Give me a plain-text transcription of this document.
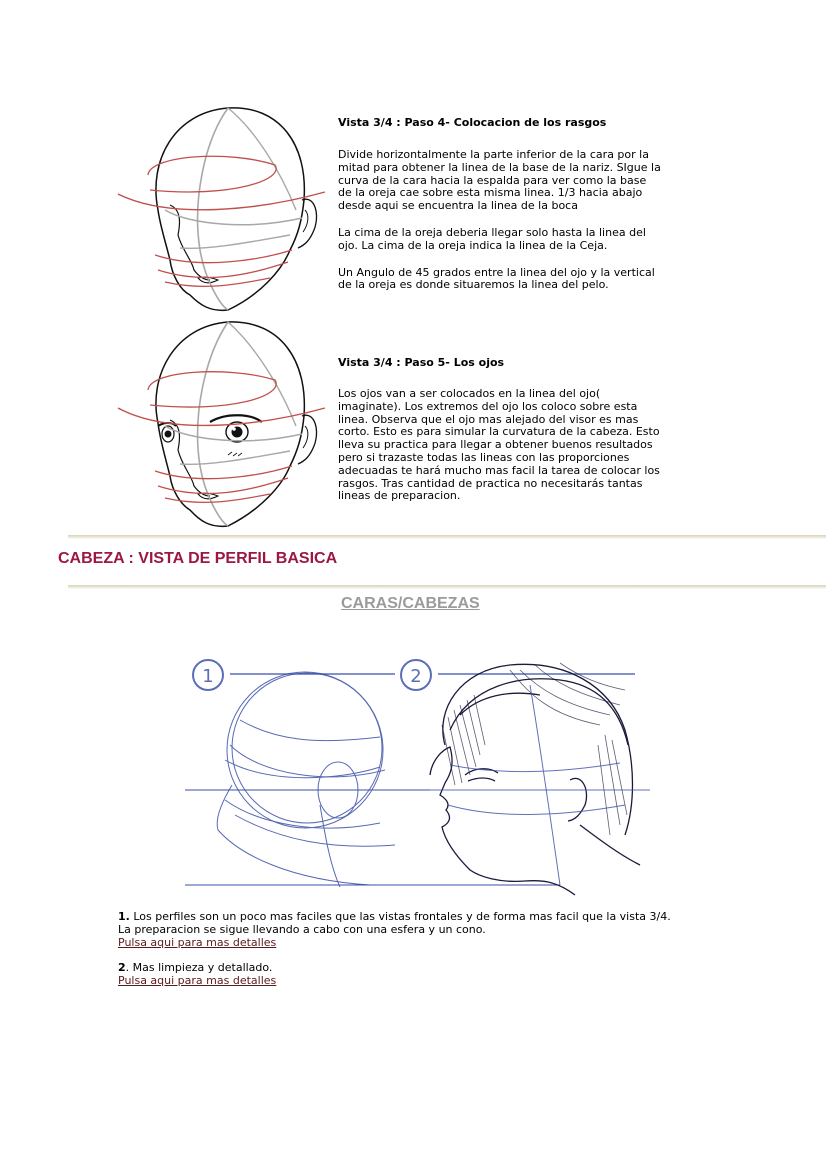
Vista 3/4 : Paso 4- Colocacion de los rasgos

Divide horizontalmente la parte inferior de la cara por la mitad para obtener la linea de la base de la nariz. SIgue la curva de la cara hacia la espalda para ver como la base de la oreja cae sobre esta misma linea. 1/3 hacia abajo desde aqui se encuentra la linea de la boca

La cima de la oreja deberia llegar solo hasta la linea del ojo. La cima de la oreja indica la linea de la Ceja.

Un Angulo de 45 grados entre la linea del ojo y la vertical de la oreja es donde situaremos la linea del pelo.

Vista 3/4 : Paso 5- Los ojos
Los ojos van a ser colocados en la linea del ojo( imaginate). Los extremos del ojo los coloco sobre esta linea. Observa que el ojo mas alejado del visor es mas corto. Esto es para simular la curvatura de la cabeza. Esto lleva su practica para llegar a obtener buenos resultados pero si trazaste todas las lineas con las proporciones adecuadas te hará mucho mas facil la tarea de colocar los rasgos. Tras cantidad de practica no necesitarás tantas lineas de preparacion.
CABEZA : VISTA DE PERFIL BASICA
CARAS/CABEZAS
1	2
1. Los perfiles son un poco mas faciles que las vistas frontales y de forma mas facil que la vista 3/4. La preparacion se sigue llevando a cabo con una esfera y un cono.
Pulsa aqui para mas detalles
2. Mas limpieza y detallado.
Pulsa aqui para mas detalles
